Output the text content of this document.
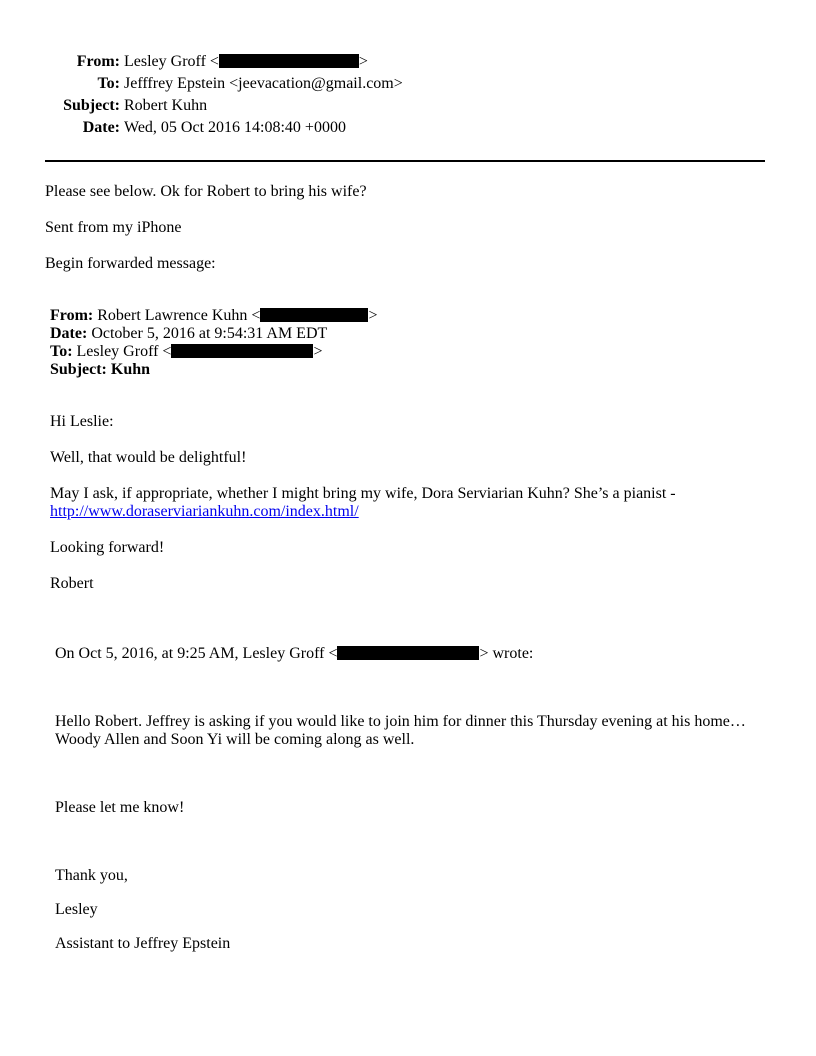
From: Lesley Groff <	>
To: Jefffrey Epstein <jeevacation@gmail.com>
Subject: Robert Kuhn
Date: Wed, 05 Oct 2016 14:08:40 +0000
Please see below. Ok for Robert to bring his wife?
Sent from my iPhone
Begin forwarded message:
From: Robert Lawrence Kuhn <	>
Date: October 5, 2016 at 9:54:31 AM EDT
To: Lesley Groff <	>
Subject: Kuhn
Hi Leslie:
Well, that would be delightful!
May I ask, if appropriate, whether I might bring my wife, Dora Serviarian Kuhn? She’s a pianist -
http://www.doraserviariankuhn.com/index.html/
Looking forward!
Robert
On Oct 5, 2016, at 9:25 AM, Lesley Groff <	> wrote:
Hello Robert. Jeffrey is asking if you would like to join him for dinner this Thursday evening at his home…
Woody Allen and Soon Yi will be coming along as well.
Please let me know!
Thank you,
Lesley
Assistant to Jeffrey Epstein
